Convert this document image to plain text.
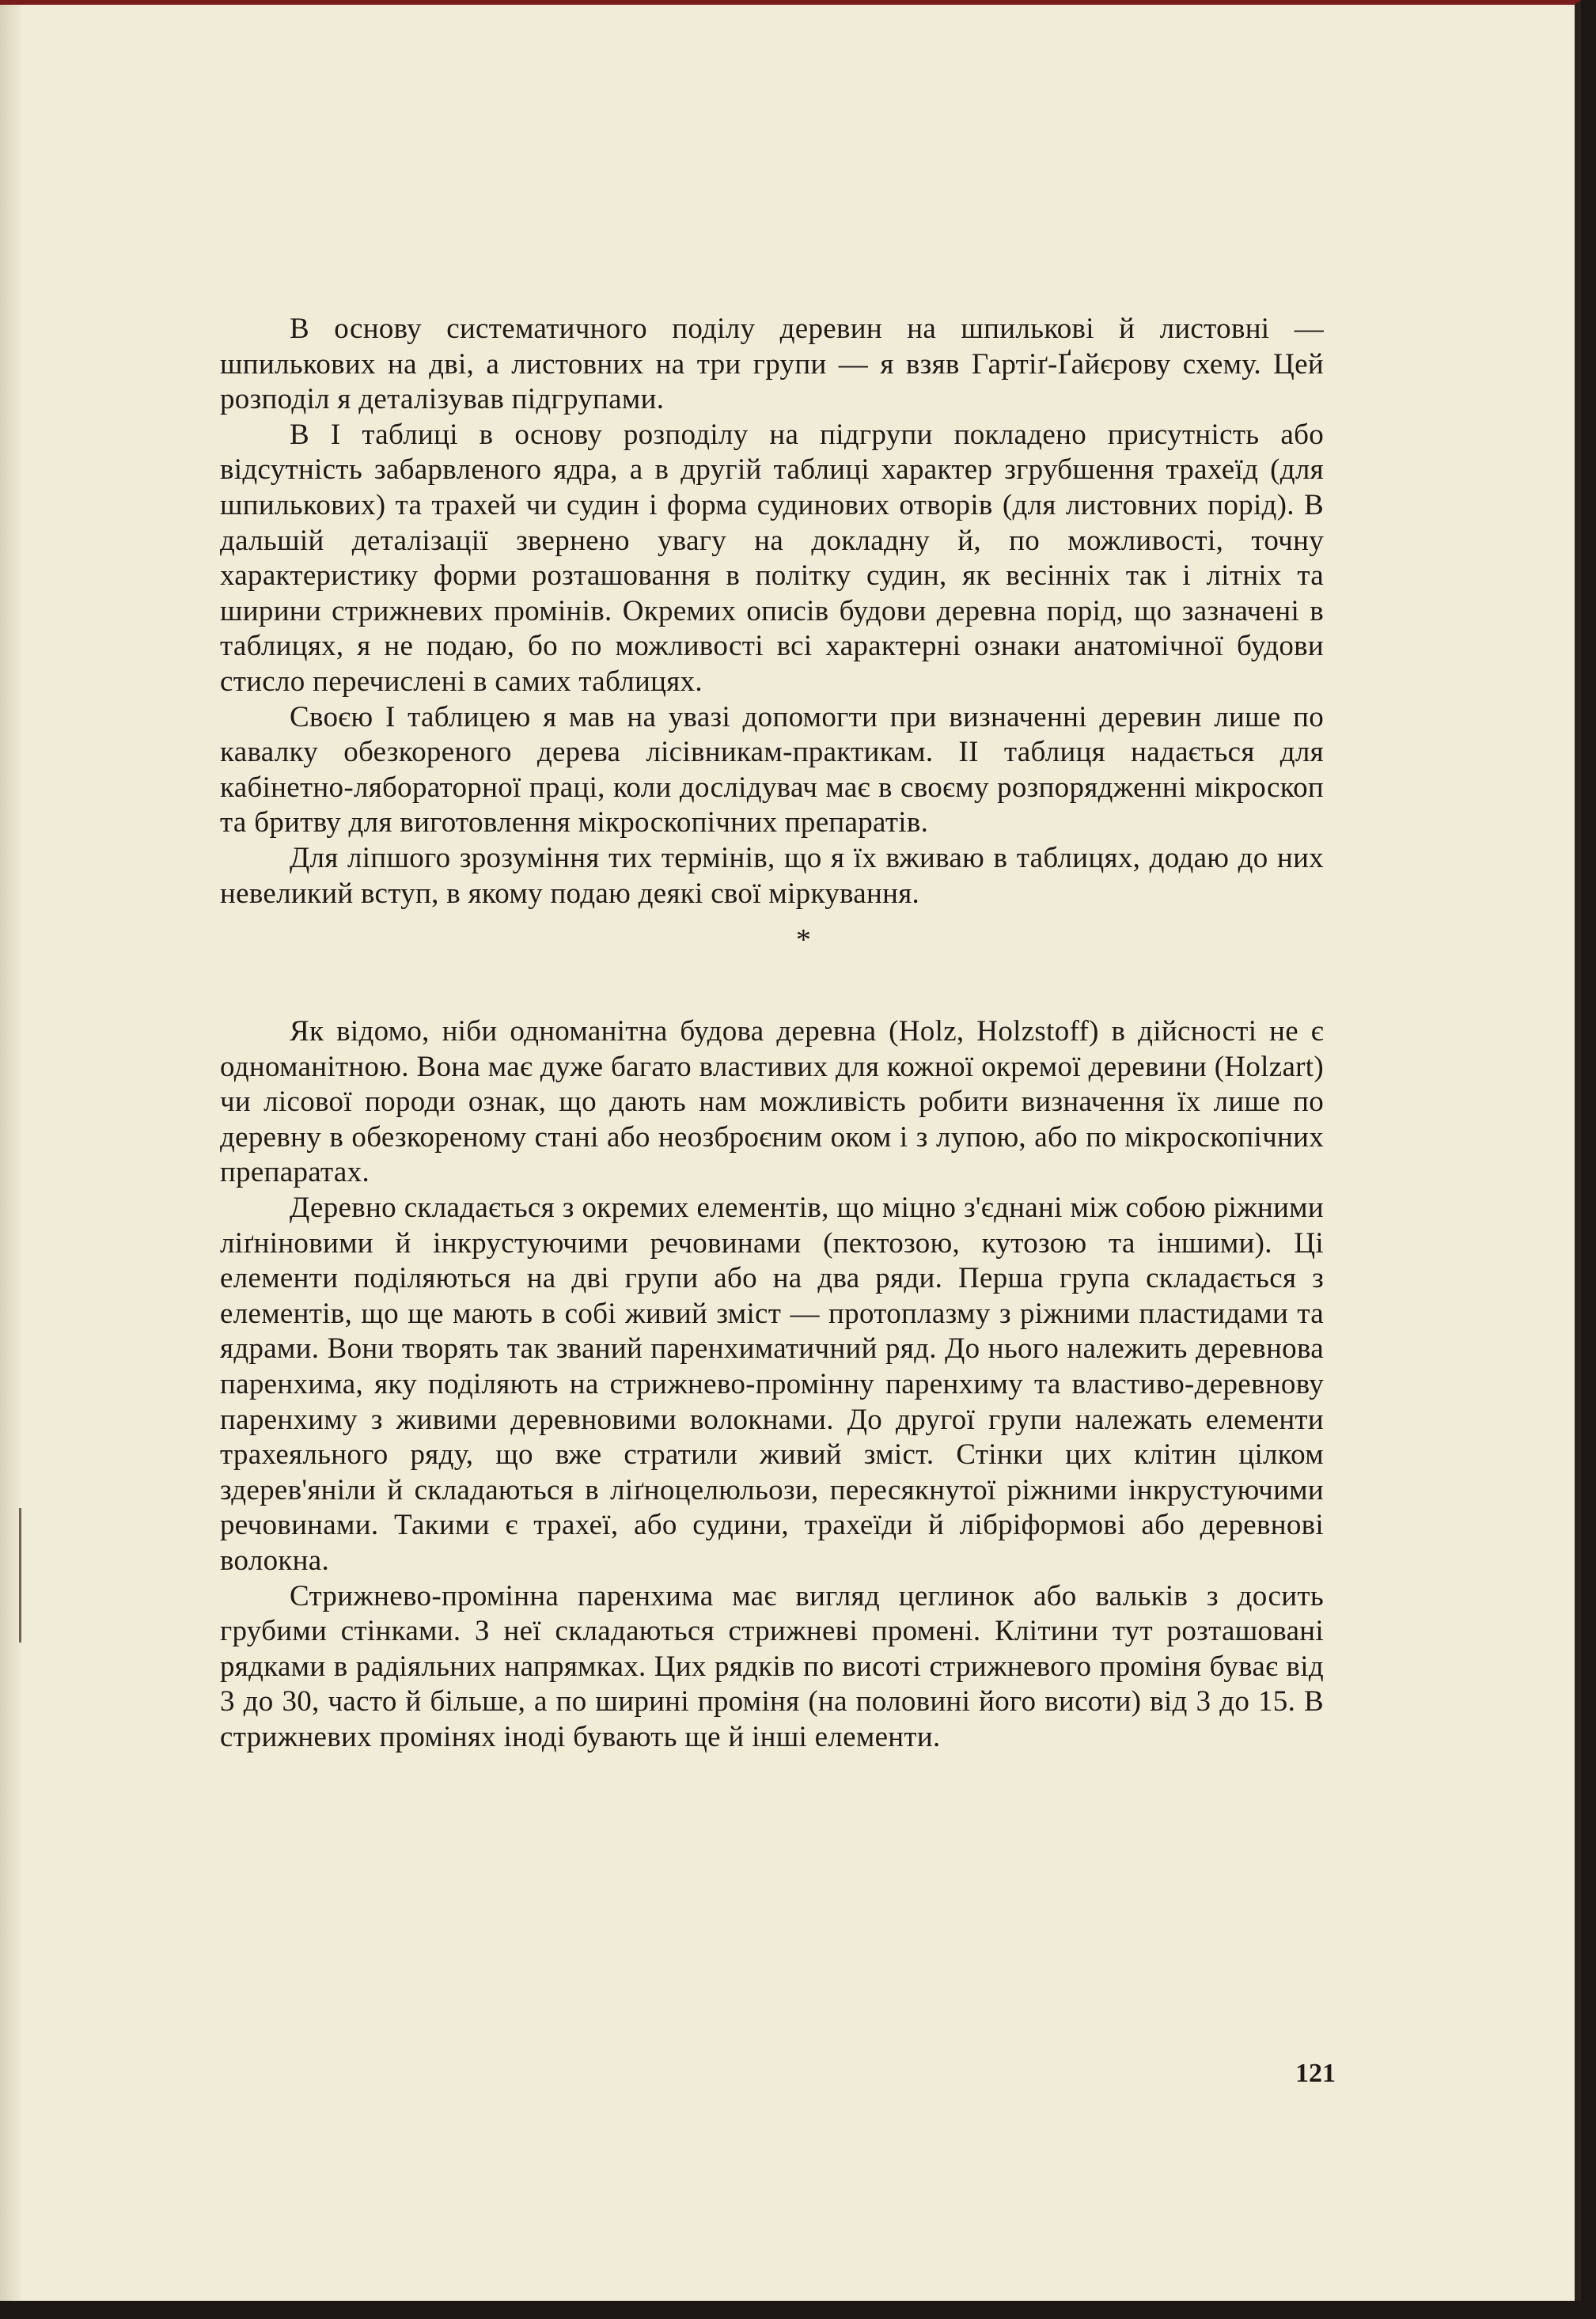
В основу систематичного поділу деревин на шпилькові й листовні — шпилькових на дві, а листовних на три групи — я взяв Гартіґ-Ґайєрову схему. Цей розподіл я деталізував підгрупами.

В I таблиці в основу розподілу на підгрупи покладено присутність або відсутність забарвленого ядра, а в другій таблиці характер згрубшення трахеїд (для шпилькових) та трахей чи судин і форма судинових отворів (для листовних порід). В дальшій деталізації звернено увагу на докладну й, по можливості, точну характеристику форми розташовання в політку судин, як весінніх так і літніх та ширини стрижневих промінів. Окремих описів будови деревна порід, що зазначені в таблицях, я не подаю, бо по можливості всі характерні ознаки анатомічної будови стисло перечислені в самих таблицях.

Своєю I таблицею я мав на увазі допомогти при визначенні деревин лише по кавалку обезкореного дерева лісівникам-практикам. II таблиця надається для кабінетно-лябораторної праці, коли дослідувач має в своєму розпорядженні мікроскоп та бритву для виготовлення мікроскопічних препаратів.

Для ліпшого зрозуміння тих термінів, що я їх вживаю в таблицях, додаю до них невеликий вступ, в якому подаю деякі свої міркування.

*

Як відомо, ніби одноманітна будова деревна (Holz, Holzstoff) в дійсності не є одноманітною. Вона має дуже багато властивих для кожної окремої деревини (Holzart) чи лісової породи ознак, що дають нам можливість робити визначення їх лише по деревну в обезкореному стані або неозброєним оком і з лупою, або по мікроскопічних препаратах.

Деревно складається з окремих елементів, що міцно з'єднані між собою ріжними ліґніновими й інкрустуючими речовинами (пектозою, кутозою та іншими). Ці елементи поділяються на дві групи або на два ряди. Перша група складається з елементів, що ще мають в собі живий зміст — протоплазму з ріжними пластидами та ядрами. Вони творять так званий паренхиматичний ряд. До нього належить деревнова паренхима, яку поділяють на стрижнево-промінну паренхиму та властиво-деревнову паренхиму з живими деревновими волокнами. До другої групи належать елементи трахеяльного ряду, що вже стратили живий зміст. Стінки цих клітин цілком здерев'яніли й складаються в ліґноцелюльози, пересякнутої ріжними інкрустуючими речовинами. Такими є трахеї, або судини, трахеїди й лібріформові або деревнові волокна.

Стрижнево-промінна паренхима має вигляд цеглинок або вальків з досить грубими стінками. З неї складаються стрижневі промені. Клітини тут розташовані рядками в радіяльних напрямках. Цих рядків по висоті стрижневого проміня буває від 3 до 30, часто й більше, а по ширині проміня (на половині його висоти) від 3 до 15. В стрижневих промінях іноді бувають ще й інші елементи.

121
